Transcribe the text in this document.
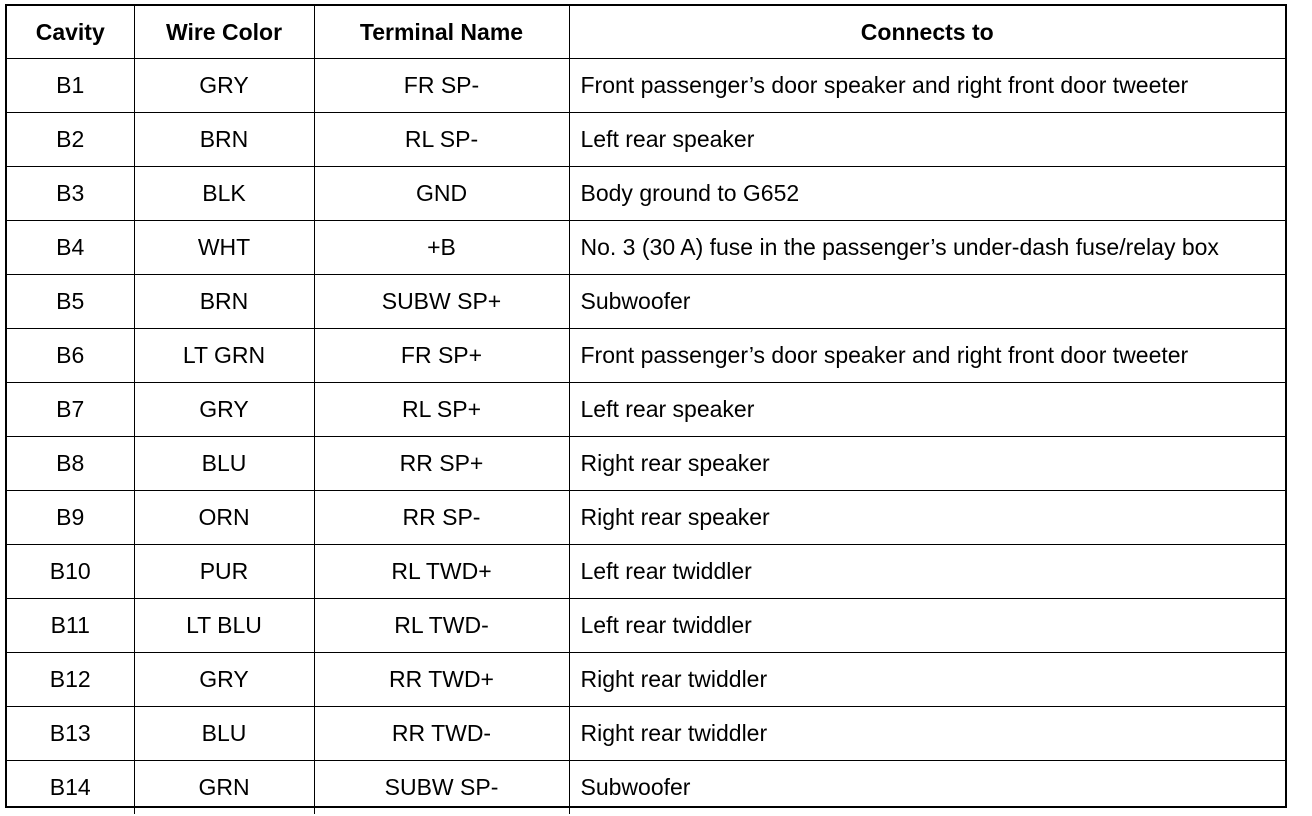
Cavity	Wire Color	Terminal Name	Connects to
B1	GRY	FR SP-	Front passenger’s door speaker and right front door tweeter
B2	BRN	RL SP-	Left rear speaker
B3	BLK	GND	Body ground to G652
B4	WHT	+B	No. 3 (30 A) fuse in the passenger’s under-dash fuse/relay box
B5	BRN	SUBW SP+	Subwoofer
B6	LT GRN	FR SP+	Front passenger’s door speaker and right front door tweeter
B7	GRY	RL SP+	Left rear speaker
B8	BLU	RR SP+	Right rear speaker
B9	ORN	RR SP-	Right rear speaker
B10	PUR	RL TWD+	Left rear twiddler
B11	LT BLU	RL TWD-	Left rear twiddler
B12	GRY	RR TWD+	Right rear twiddler
B13	BLU	RR TWD-	Right rear twiddler
B14	GRN	SUBW SP-	Subwoofer
